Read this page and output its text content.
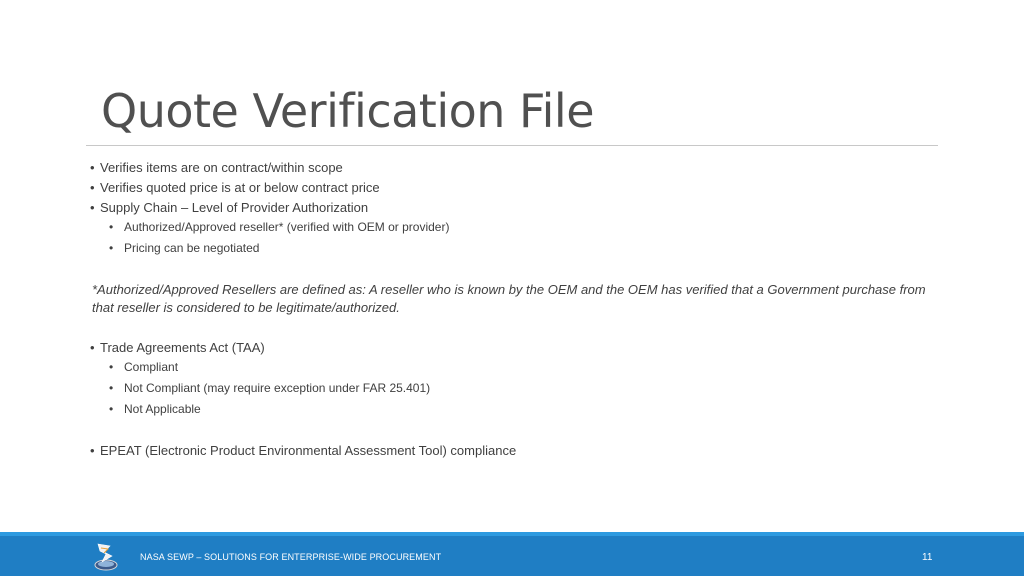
Quote Verification File
• Verifies items are on contract/within scope
• Verifies quoted price is at or below contract price
• Supply Chain – Level of Provider Authorization
• Authorized/Approved reseller* (verified with OEM or provider)
• Pricing can be negotiated
*Authorized/Approved Resellers are defined as: A reseller who is known by the OEM and the OEM has verified that a Government purchase from that reseller is considered to be legitimate/authorized.
• Trade Agreements Act (TAA)
• Compliant
• Not Compliant (may require exception under FAR 25.401)
• Not Applicable
• EPEAT (Electronic Product Environmental Assessment Tool) compliance
NASA SEWP – SOLUTIONS FOR ENTERPRISE-WIDE PROCUREMENT	11
